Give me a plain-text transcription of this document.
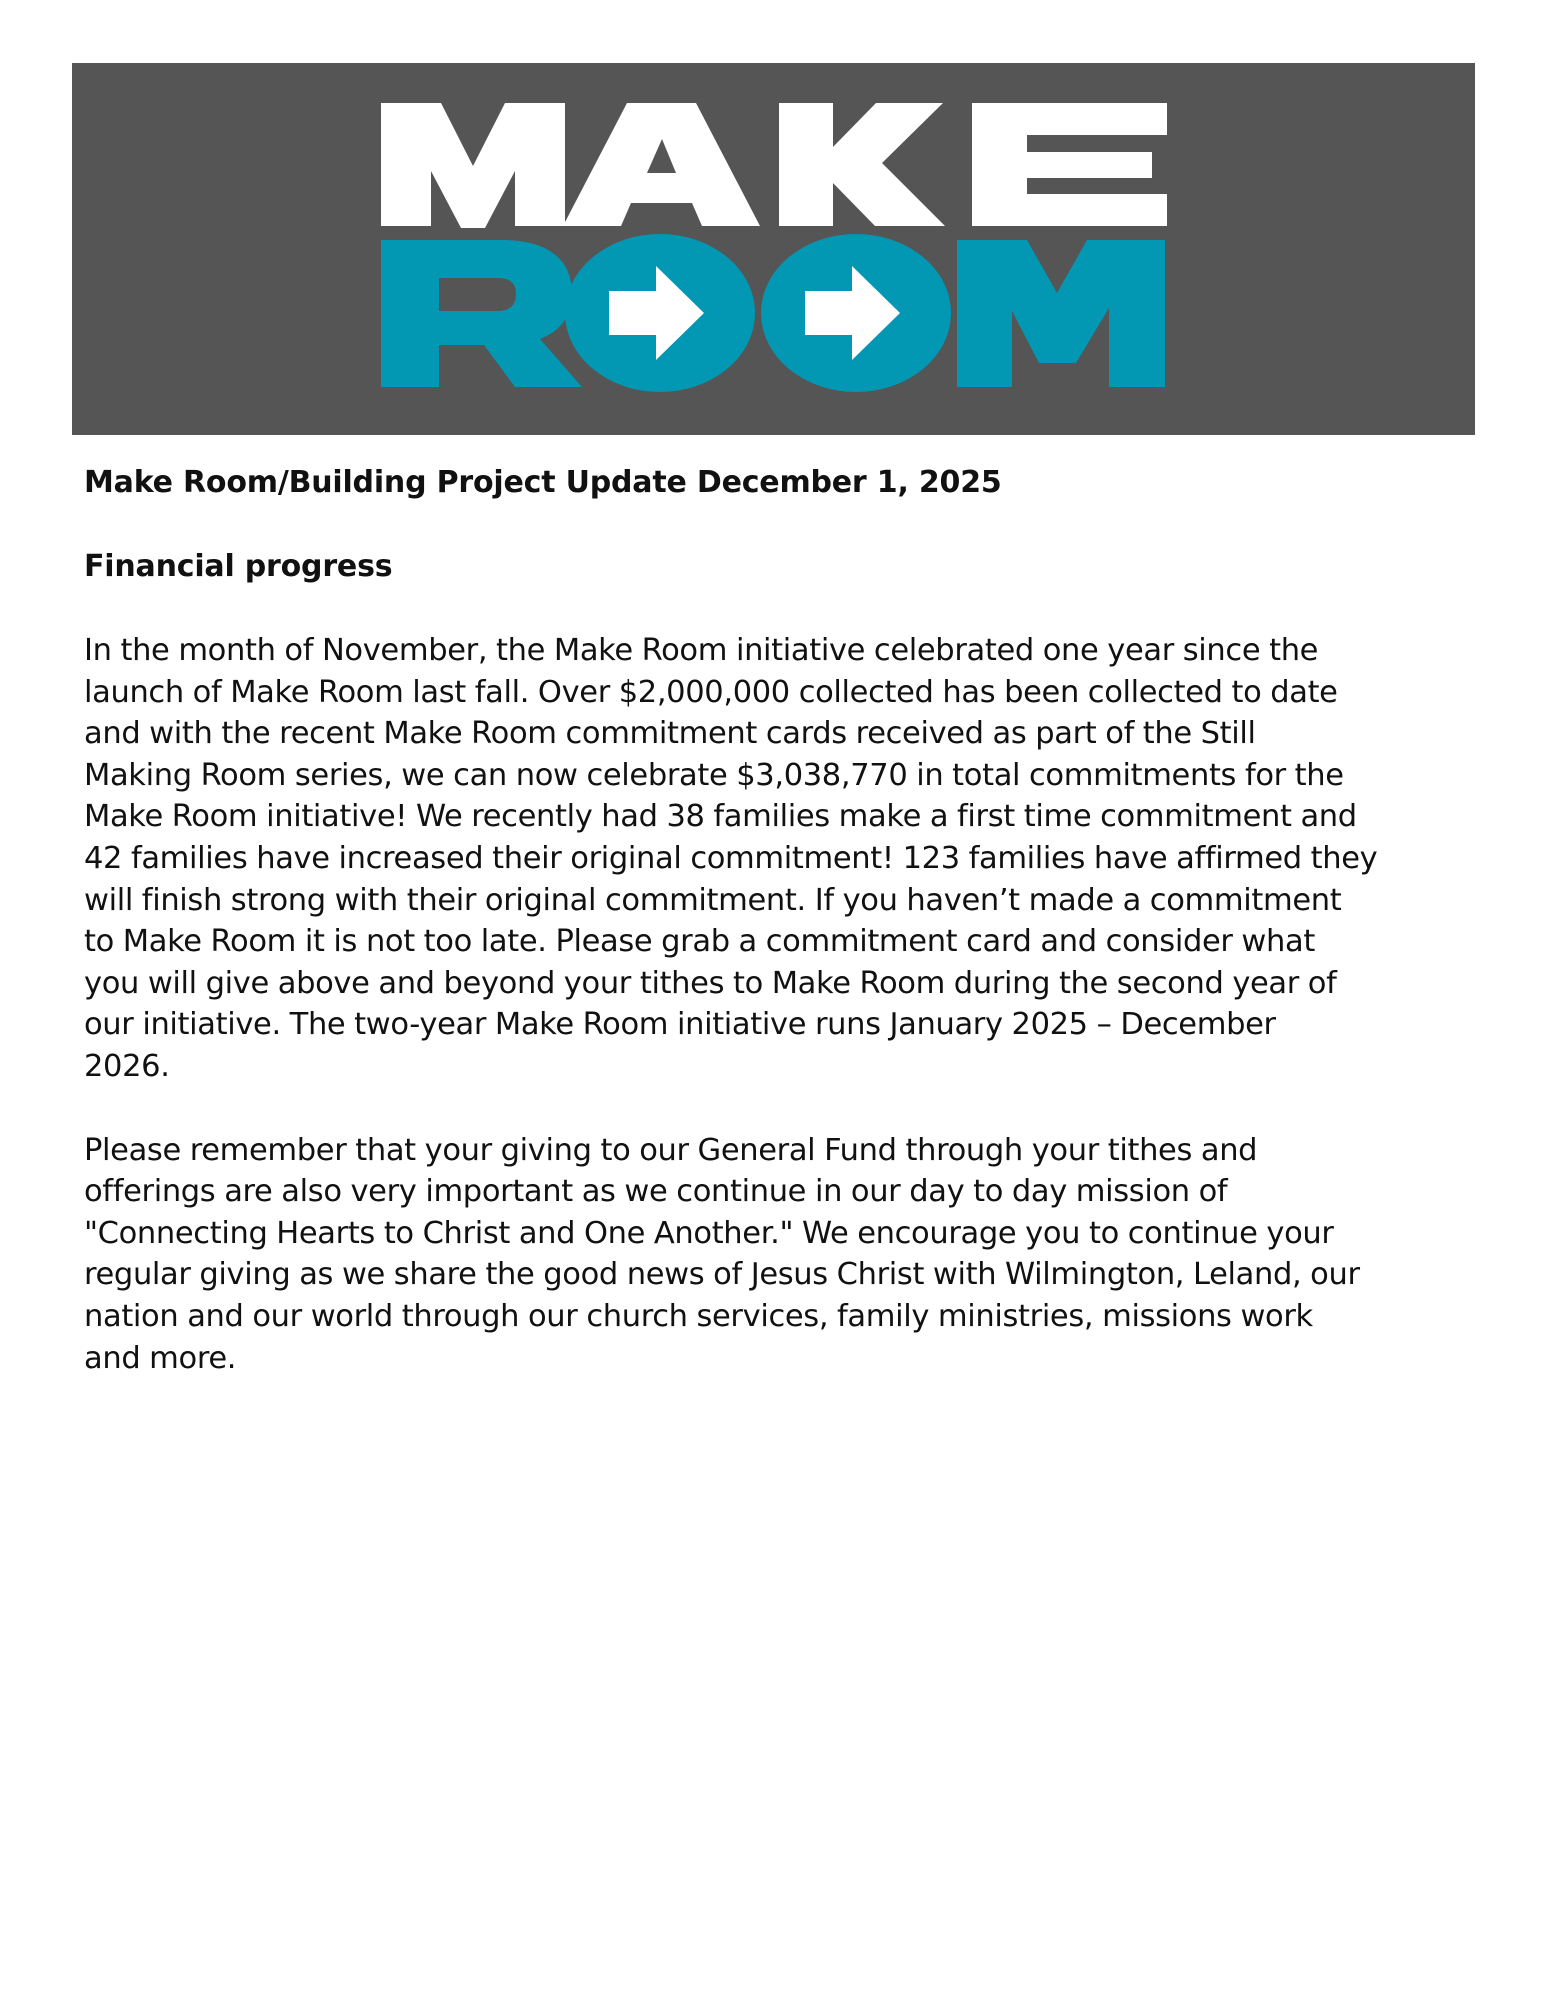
Make Room/Building Project Update December 1, 2025

Financial progress

In the month of November, the Make Room initiative celebrated one year since the
launch of Make Room last fall. Over $2,000,000 collected has been collected to date
and with the recent Make Room commitment cards received as part of the Still
Making Room series, we can now celebrate $3,038,770 in total commitments for the
Make Room initiative! We recently had 38 families make a first time commitment and
42 families have increased their original commitment! 123 families have affirmed they
will finish strong with their original commitment. If you haven’t made a commitment
to Make Room it is not too late. Please grab a commitment card and consider what
you will give above and beyond your tithes to Make Room during the second year of
our initiative. The two-year Make Room initiative runs January 2025 – December
2026.

Please remember that your giving to our General Fund through your tithes and
offerings are also very important as we continue in our day to day mission of
"Connecting Hearts to Christ and One Another." We encourage you to continue your
regular giving as we share the good news of Jesus Christ with Wilmington, Leland, our
nation and our world through our church services, family ministries, missions work
and more.
